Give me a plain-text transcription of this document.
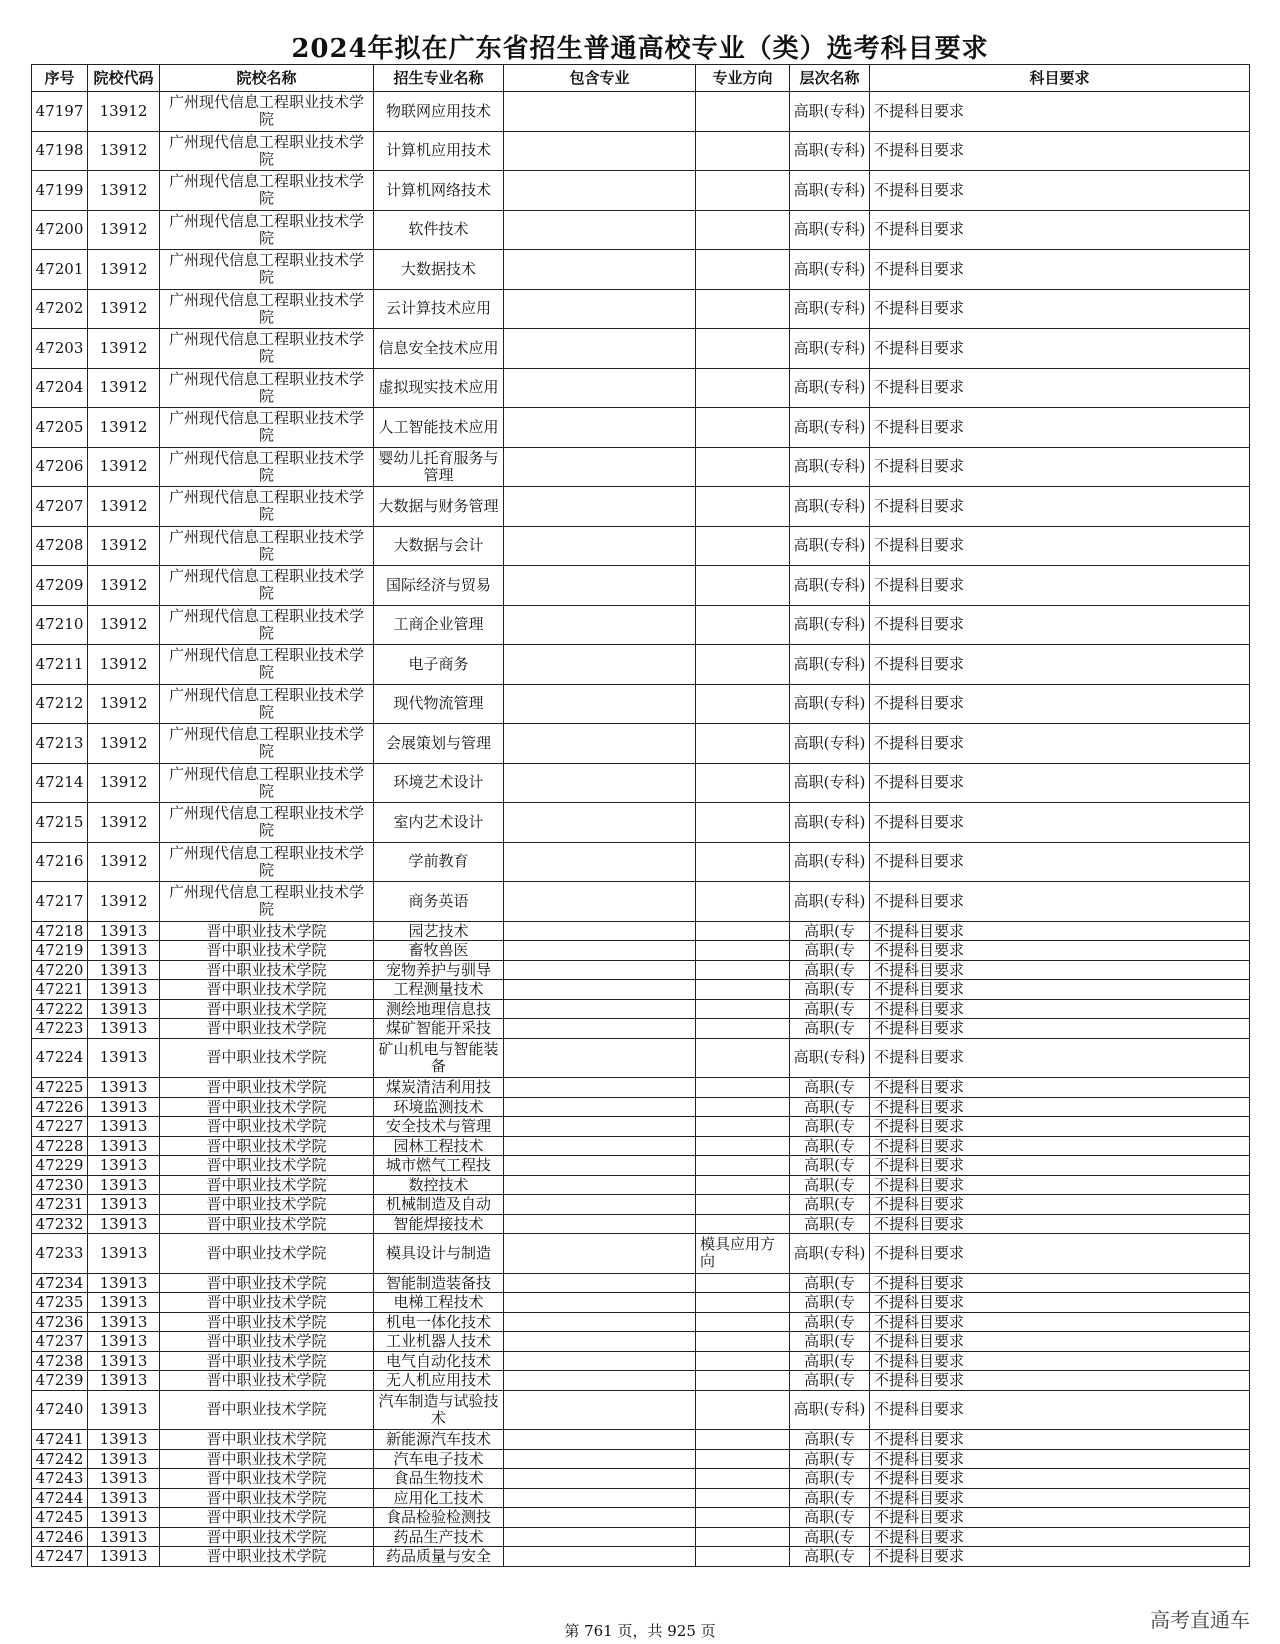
2024年拟在广东省招生普通高校专业（类）选考科目要求
序号	院校代码	院校名称	招生专业名称	包含专业	专业方向	层次名称	科目要求
47197	13912	广州现代信息工程职业技术学院	物联网应用技术			高职(专科)	不提科目要求
47198	13912	广州现代信息工程职业技术学院	计算机应用技术			高职(专科)	不提科目要求
47199	13912	广州现代信息工程职业技术学院	计算机网络技术			高职(专科)	不提科目要求
47200	13912	广州现代信息工程职业技术学院	软件技术			高职(专科)	不提科目要求
47201	13912	广州现代信息工程职业技术学院	大数据技术			高职(专科)	不提科目要求
47202	13912	广州现代信息工程职业技术学院	云计算技术应用			高职(专科)	不提科目要求
47203	13912	广州现代信息工程职业技术学院	信息安全技术应用			高职(专科)	不提科目要求
47204	13912	广州现代信息工程职业技术学院	虚拟现实技术应用			高职(专科)	不提科目要求
47205	13912	广州现代信息工程职业技术学院	人工智能技术应用			高职(专科)	不提科目要求
47206	13912	广州现代信息工程职业技术学院	婴幼儿托育服务与管理			高职(专科)	不提科目要求
47207	13912	广州现代信息工程职业技术学院	大数据与财务管理			高职(专科)	不提科目要求
47208	13912	广州现代信息工程职业技术学院	大数据与会计			高职(专科)	不提科目要求
47209	13912	广州现代信息工程职业技术学院	国际经济与贸易			高职(专科)	不提科目要求
47210	13912	广州现代信息工程职业技术学院	工商企业管理			高职(专科)	不提科目要求
47211	13912	广州现代信息工程职业技术学院	电子商务			高职(专科)	不提科目要求
47212	13912	广州现代信息工程职业技术学院	现代物流管理			高职(专科)	不提科目要求
47213	13912	广州现代信息工程职业技术学院	会展策划与管理			高职(专科)	不提科目要求
47214	13912	广州现代信息工程职业技术学院	环境艺术设计			高职(专科)	不提科目要求
47215	13912	广州现代信息工程职业技术学院	室内艺术设计			高职(专科)	不提科目要求
47216	13912	广州现代信息工程职业技术学院	学前教育			高职(专科)	不提科目要求
47217	13912	广州现代信息工程职业技术学院	商务英语			高职(专科)	不提科目要求
47218	13913	晋中职业技术学院	园艺技术			高职(专	不提科目要求
47219	13913	晋中职业技术学院	畜牧兽医			高职(专	不提科目要求
47220	13913	晋中职业技术学院	宠物养护与驯导			高职(专	不提科目要求
47221	13913	晋中职业技术学院	工程测量技术			高职(专	不提科目要求
47222	13913	晋中职业技术学院	测绘地理信息技			高职(专	不提科目要求
47223	13913	晋中职业技术学院	煤矿智能开采技			高职(专	不提科目要求
47224	13913	晋中职业技术学院	矿山机电与智能装备			高职(专科)	不提科目要求
47225	13913	晋中职业技术学院	煤炭清洁利用技			高职(专	不提科目要求
47226	13913	晋中职业技术学院	环境监测技术			高职(专	不提科目要求
47227	13913	晋中职业技术学院	安全技术与管理			高职(专	不提科目要求
47228	13913	晋中职业技术学院	园林工程技术			高职(专	不提科目要求
47229	13913	晋中职业技术学院	城市燃气工程技			高职(专	不提科目要求
47230	13913	晋中职业技术学院	数控技术			高职(专	不提科目要求
47231	13913	晋中职业技术学院	机械制造及自动			高职(专	不提科目要求
47232	13913	晋中职业技术学院	智能焊接技术			高职(专	不提科目要求
47233	13913	晋中职业技术学院	模具设计与制造		模具应用方向	高职(专科)	不提科目要求
47234	13913	晋中职业技术学院	智能制造装备技			高职(专	不提科目要求
47235	13913	晋中职业技术学院	电梯工程技术			高职(专	不提科目要求
47236	13913	晋中职业技术学院	机电一体化技术			高职(专	不提科目要求
47237	13913	晋中职业技术学院	工业机器人技术			高职(专	不提科目要求
47238	13913	晋中职业技术学院	电气自动化技术			高职(专	不提科目要求
47239	13913	晋中职业技术学院	无人机应用技术			高职(专	不提科目要求
47240	13913	晋中职业技术学院	汽车制造与试验技术			高职(专科)	不提科目要求
47241	13913	晋中职业技术学院	新能源汽车技术			高职(专	不提科目要求
47242	13913	晋中职业技术学院	汽车电子技术			高职(专	不提科目要求
47243	13913	晋中职业技术学院	食品生物技术			高职(专	不提科目要求
47244	13913	晋中职业技术学院	应用化工技术			高职(专	不提科目要求
47245	13913	晋中职业技术学院	食品检验检测技			高职(专	不提科目要求
47246	13913	晋中职业技术学院	药品生产技术			高职(专	不提科目要求
47247	13913	晋中职业技术学院	药品质量与安全			高职(专	不提科目要求
第 761 页，共 925 页	高考直通车
